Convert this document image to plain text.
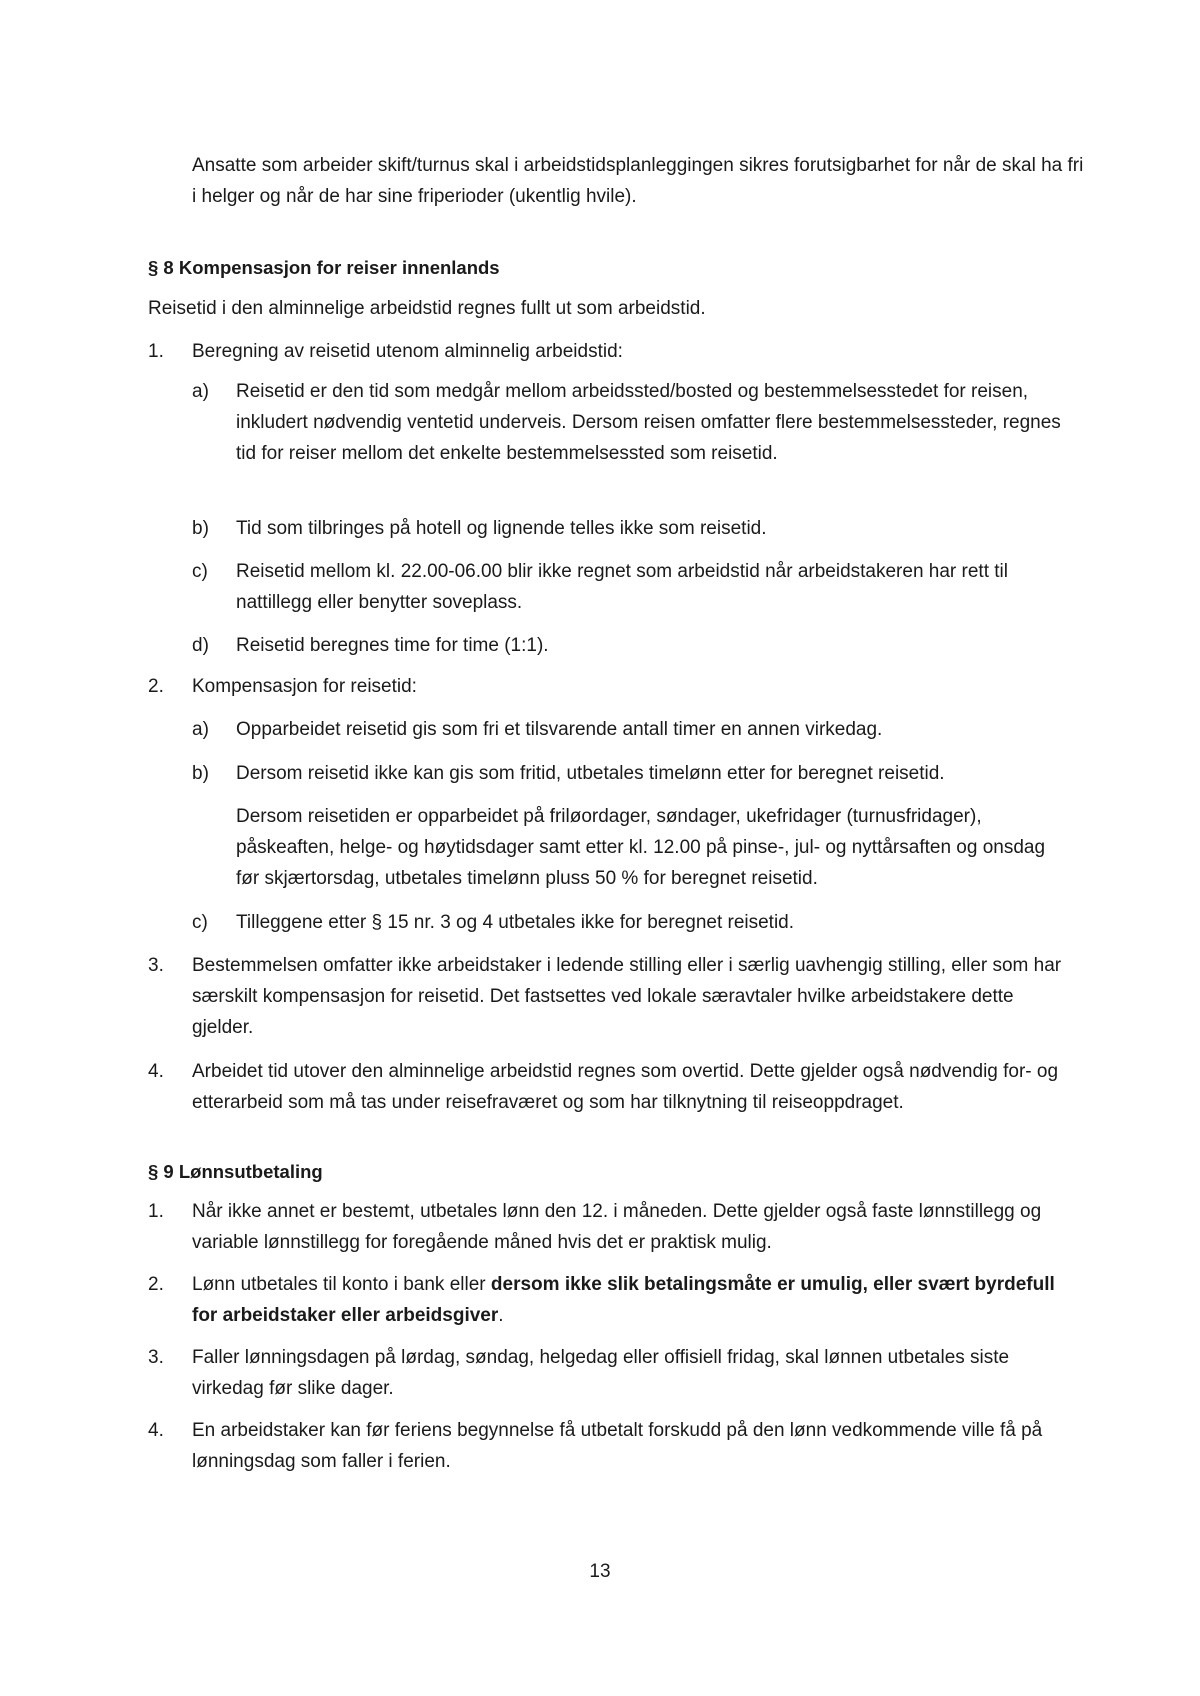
Ansatte som arbeider skift/turnus skal i arbeidstidsplanleggingen sikres forutsigbarhet for når de skal ha fri i helger og når de har sine friperioder (ukentlig hvile).

§ 8 Kompensasjon for reiser innenlands

Reisetid i den alminnelige arbeidstid regnes fullt ut som arbeidstid.

1. Beregning av reisetid utenom alminnelig arbeidstid:
a) Reisetid er den tid som medgår mellom arbeidssted/bosted og bestemmelsesstedet for reisen, inkludert nødvendig ventetid underveis. Dersom reisen omfatter flere bestemmelsessteder, regnes tid for reiser mellom det enkelte bestemmelsessted som reisetid.
b) Tid som tilbringes på hotell og lignende telles ikke som reisetid.
c) Reisetid mellom kl. 22.00-06.00 blir ikke regnet som arbeidstid når arbeidstakeren har rett til nattillegg eller benytter soveplass.
d) Reisetid beregnes time for time (1:1).
2. Kompensasjon for reisetid:
a) Opparbeidet reisetid gis som fri et tilsvarende antall timer en annen virkedag.
b) Dersom reisetid ikke kan gis som fritid, utbetales timelønn etter for beregnet reisetid.

Dersom reisetiden er opparbeidet på friløordager, søndager, ukefridager (turnusfridager), påskeaften, helge- og høytidsdager samt etter kl. 12.00 på pinse-, jul- og nyttårsaften og onsdag før skjærtorsdag, utbetales timelønn pluss 50 % for beregnet reisetid.

c) Tilleggene etter § 15 nr. 3 og 4 utbetales ikke for beregnet reisetid.
3. Bestemmelsen omfatter ikke arbeidstaker i ledende stilling eller i særlig uavhengig stilling, eller som har særskilt kompensasjon for reisetid. Det fastsettes ved lokale særavtaler hvilke arbeidstakere dette gjelder.
4. Arbeidet tid utover den alminnelige arbeidstid regnes som overtid. Dette gjelder også nødvendig for- og etterarbeid som må tas under reisefraværet og som har tilknytning til reiseoppdraget.

§ 9 Lønnsutbetaling

1. Når ikke annet er bestemt, utbetales lønn den 12. i måneden. Dette gjelder også faste lønnstillegg og variable lønnstillegg for foregående måned hvis det er praktisk mulig.
2. Lønn utbetales til konto i bank eller dersom ikke slik betalingsmåte er umulig, eller svært byrdefull for arbeidstaker eller arbeidsgiver.
3. Faller lønningsdagen på lørdag, søndag, helgedag eller offisiell fridag, skal lønnen utbetales siste virkedag før slike dager.
4. En arbeidstaker kan før feriens begynnelse få utbetalt forskudd på den lønn vedkommende ville få på lønningsdag som faller i ferien.
13
